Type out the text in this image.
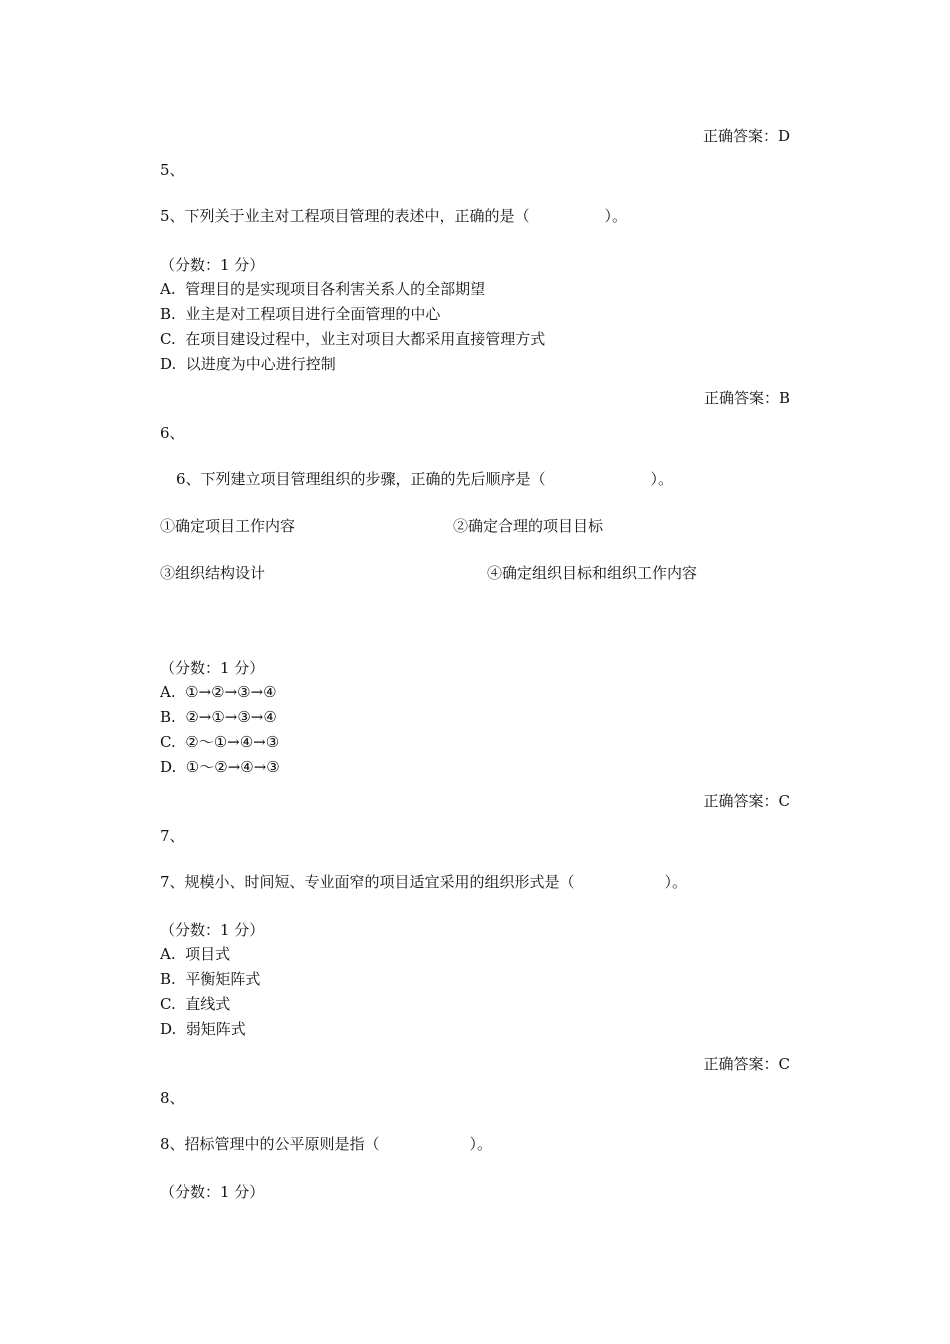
正确答案：D
5、
5、下列关于业主对工程项目管理的表述中，正确的是（　　　　　）。
（分数：1 分）
A.  管理目的是实现项目各利害关系人的全部期望
B.  业主是对工程项目进行全面管理的中心
C.  在项目建设过程中，业主对项目大都采用直接管理方式
D.  以进度为中心进行控制
正确答案：B
6、
6、下列建立项目管理组织的步骤，正确的先后顺序是（　　　　　　　）。
①确定项目工作内容	②确定合理的项目目标
③组织结构设计	④确定组织目标和组织工作内容
（分数：1 分）
A.  ①→②→③→④
B.  ②→①→③→④
C.  ②～①→④→③
D.  ①～②→④→③
正确答案：C
7、
7、规模小、时间短、专业面窄的项目适宜采用的组织形式是（　　　　　　）。
（分数：1 分）
A.  项目式
B.  平衡矩阵式
C.  直线式
D.  弱矩阵式
正确答案：C
8、
8、招标管理中的公平原则是指（　　　　　　）。
（分数：1 分）
